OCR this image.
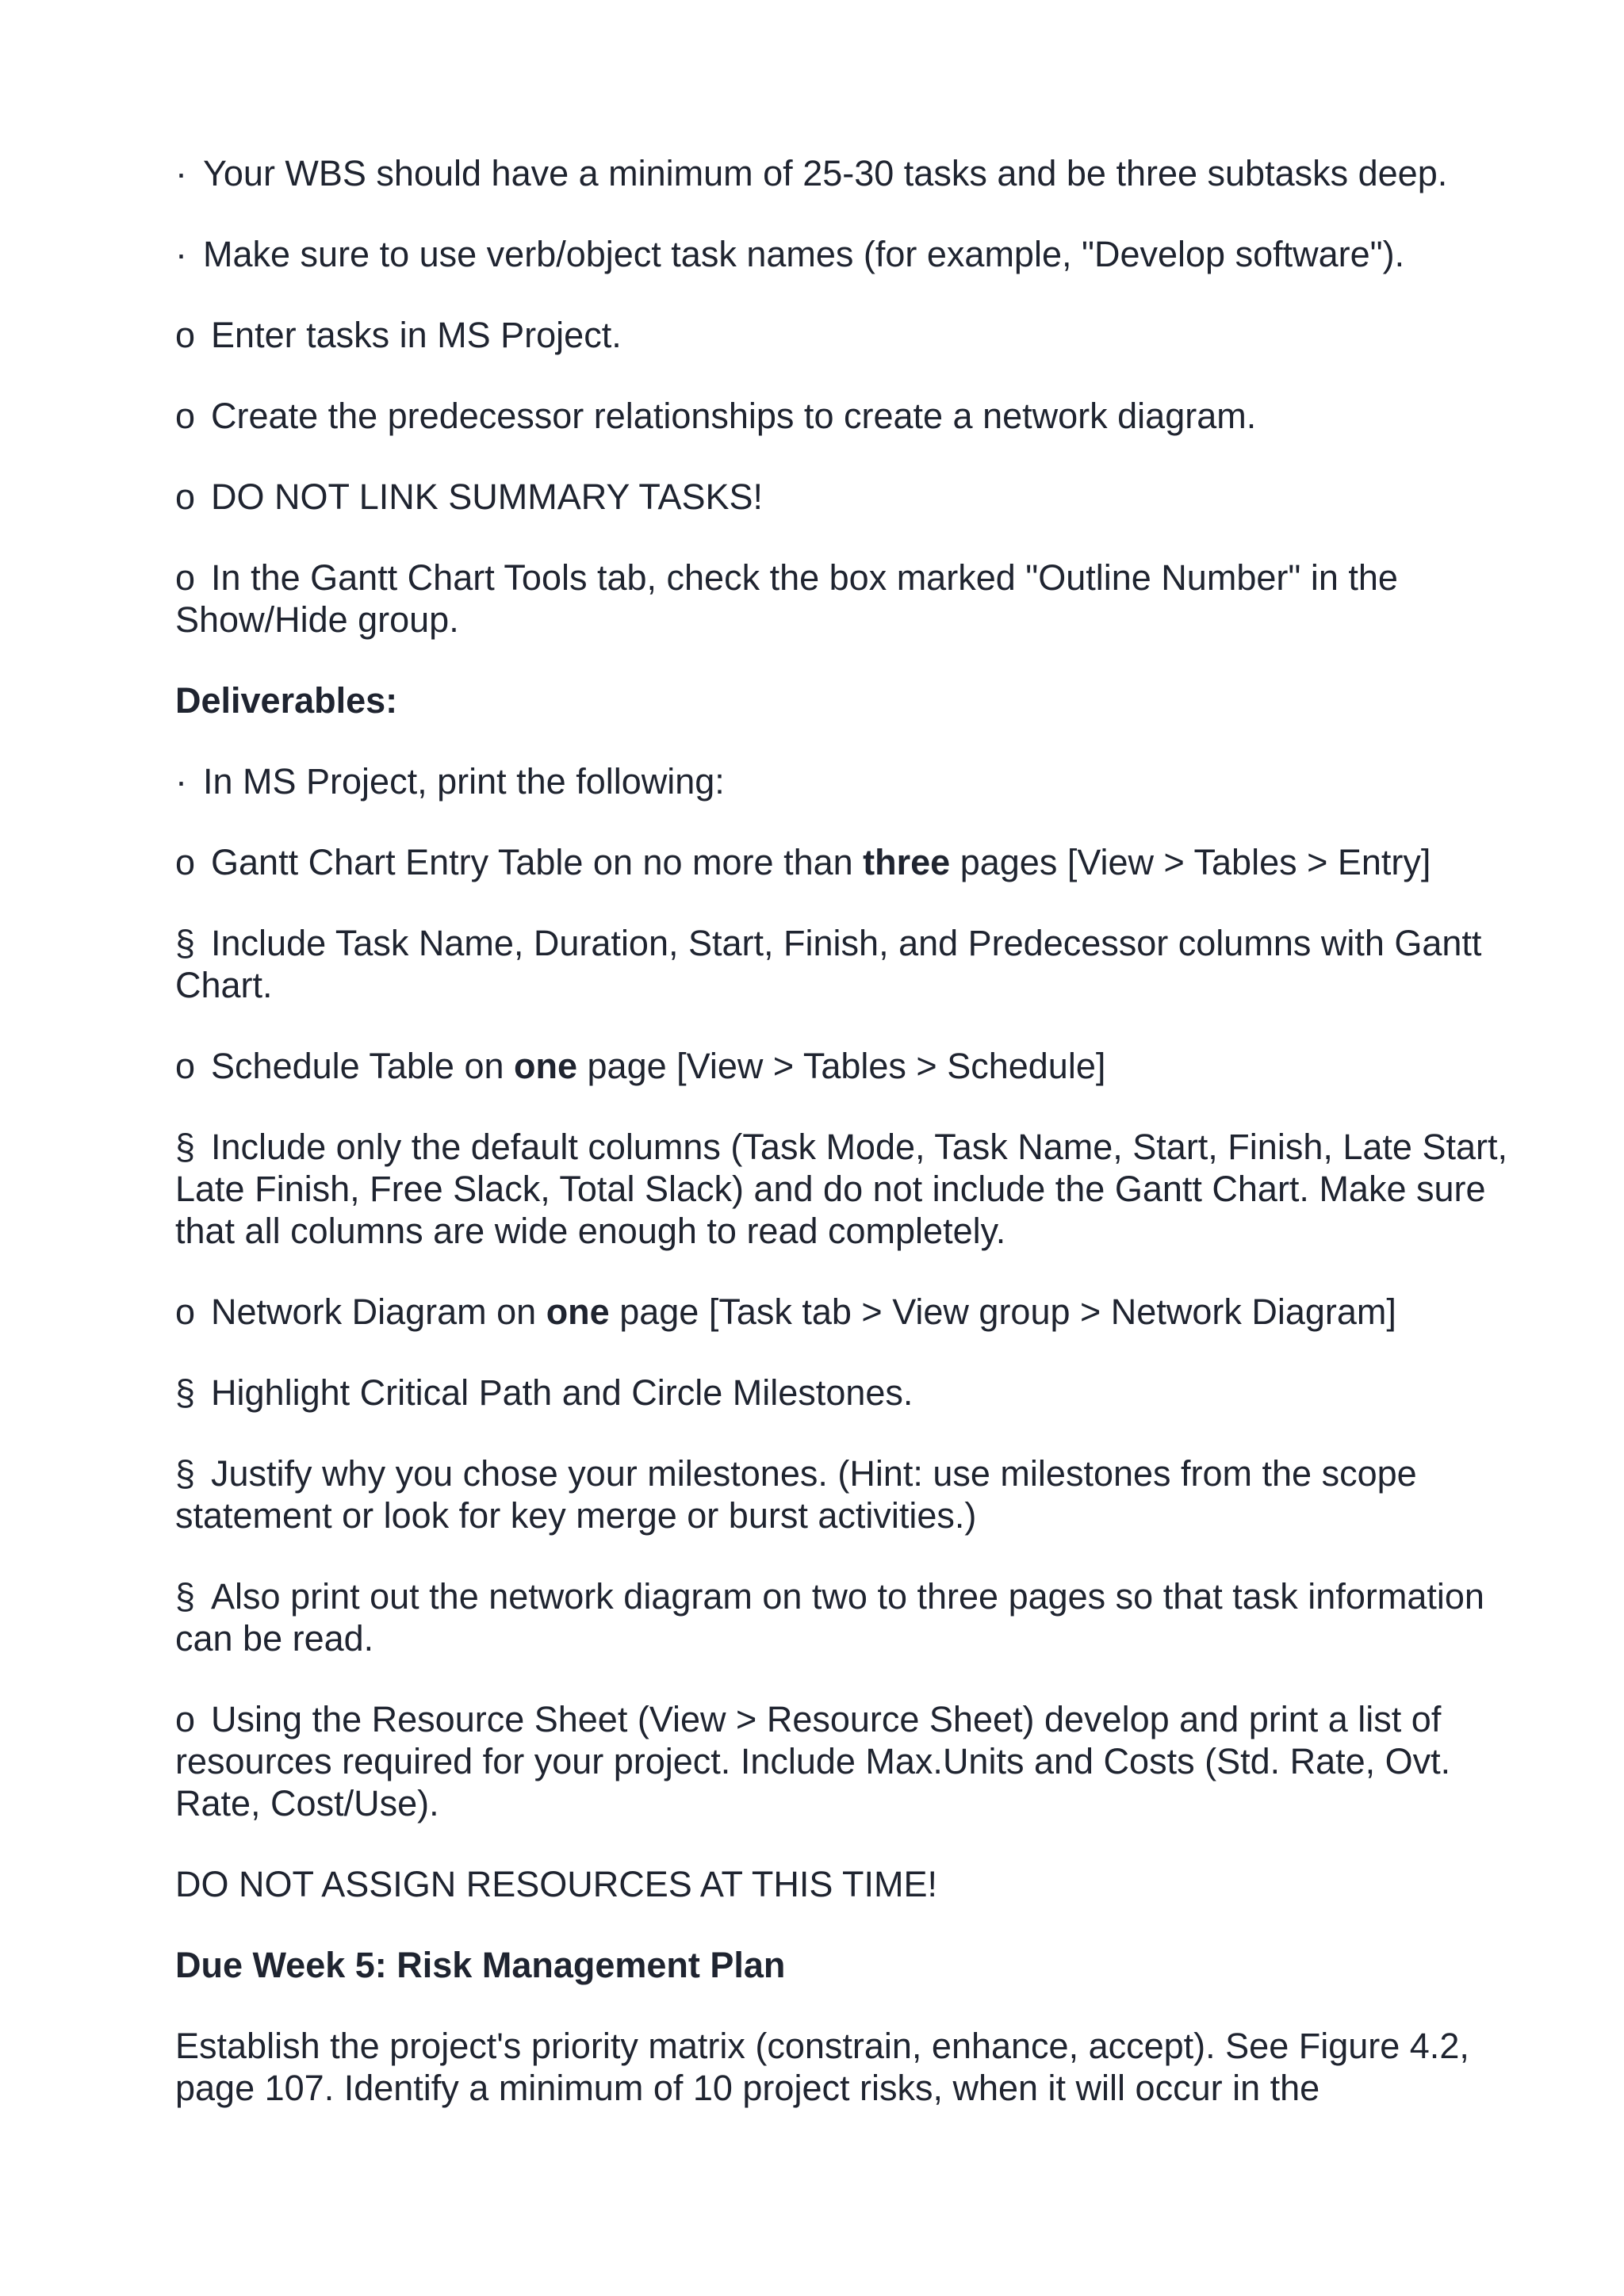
· Your WBS should have a minimum of 25-30 tasks and be three subtasks deep.

· Make sure to use verb/object task names (for example, "Develop software").

o Enter tasks in MS Project.

o Create the predecessor relationships to create a network diagram.

o DO NOT LINK SUMMARY TASKS!

o In the Gantt Chart Tools tab, check the box marked "Outline Number" in the Show/Hide group.

Deliverables:

· In MS Project, print the following:

o Gantt Chart Entry Table on no more than three pages [View > Tables > Entry]

§ Include Task Name, Duration, Start, Finish, and Predecessor columns with Gantt Chart.

o Schedule Table on one page [View > Tables > Schedule]

§ Include only the default columns (Task Mode, Task Name, Start, Finish, Late Start, Late Finish, Free Slack, Total Slack) and do not include the Gantt Chart. Make sure that all columns are wide enough to read completely.

o Network Diagram on one page [Task tab > View group > Network Diagram]

§ Highlight Critical Path and Circle Milestones.

§ Justify why you chose your milestones. (Hint: use milestones from the scope statement or look for key merge or burst activities.)

§ Also print out the network diagram on two to three pages so that task information can be read.

o Using the Resource Sheet (View > Resource Sheet) develop and print a list of resources required for your project. Include Max.Units and Costs (Std. Rate, Ovt. Rate, Cost/Use).

DO NOT ASSIGN RESOURCES AT THIS TIME!

Due Week 5: Risk Management Plan

Establish the project's priority matrix (constrain, enhance, accept). See Figure 4.2, page 107. Identify a minimum of 10 project risks, when it will occur in the
